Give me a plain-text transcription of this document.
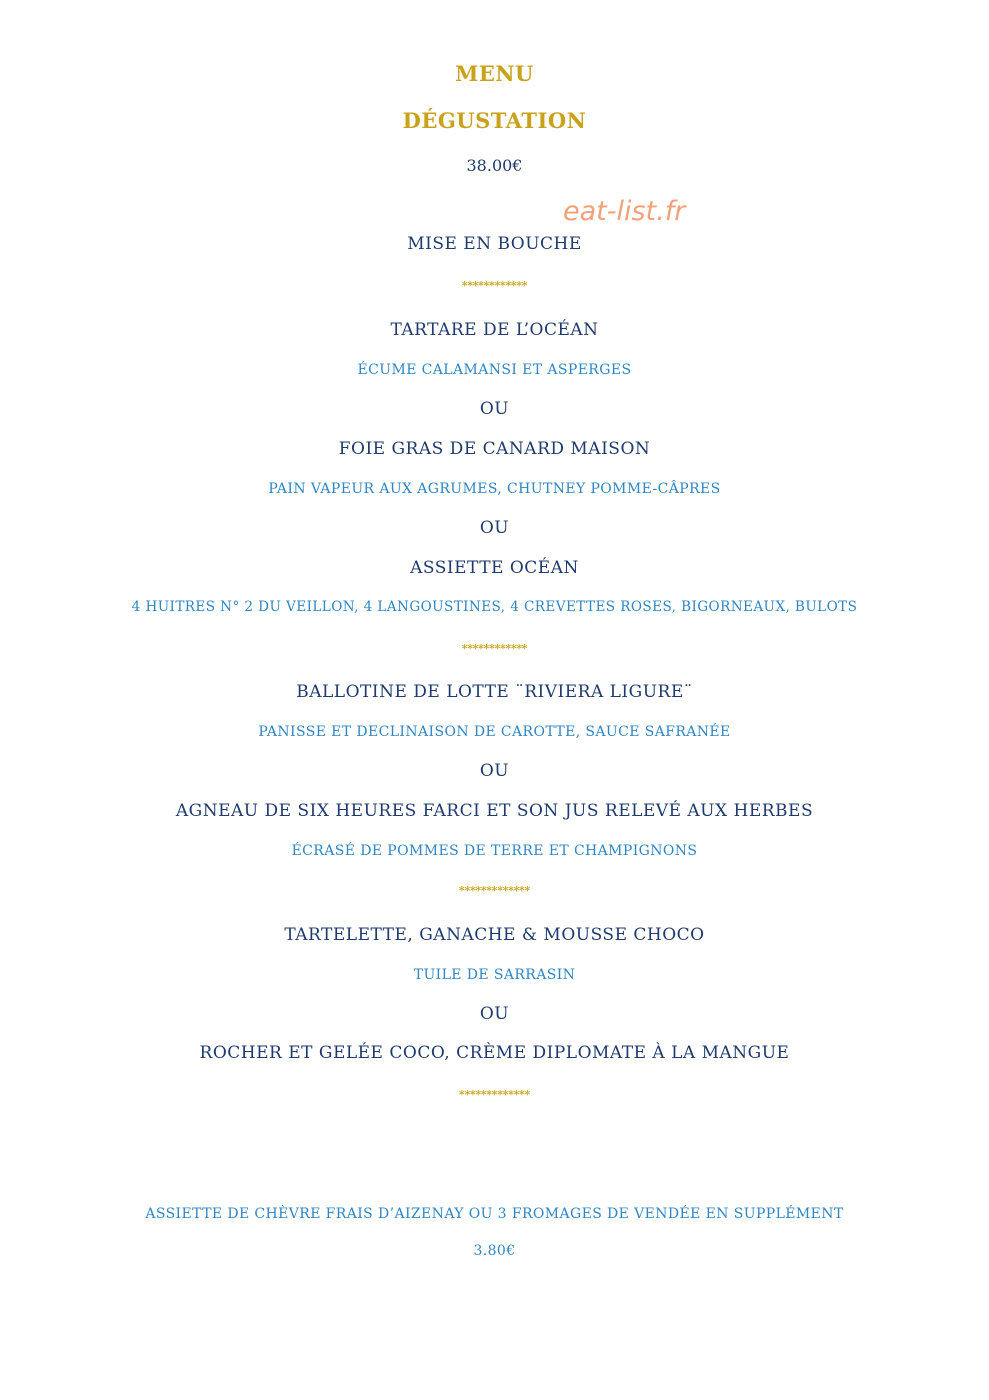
MENU
DÉGUSTATION
38.00€
eat-list.fr
MISE EN BOUCHE
************
TARTARE DE L’OCÉAN
ÉCUME CALAMANSI ET ASPERGES
OU
FOIE GRAS DE CANARD MAISON
PAIN VAPEUR AUX AGRUMES, CHUTNEY POMME-CÂPRES
OU
ASSIETTE OCÉAN
4 HUITRES N° 2 DU VEILLON, 4 LANGOUSTINES, 4 CREVETTES ROSES, BIGORNEAUX, BULOTS
************
BALLOTINE DE LOTTE ¨RIVIERA LIGURE¨
PANISSE ET DECLINAISON DE CAROTTE, SAUCE SAFRANÉE
OU
AGNEAU DE SIX HEURES FARCI ET SON JUS RELEVÉ AUX HERBES
ÉCRASÉ DE POMMES DE TERRE ET CHAMPIGNONS
*************
TARTELETTE, GANACHE & MOUSSE CHOCO
TUILE DE SARRASIN
OU
ROCHER ET GELÉE COCO, CRÈME DIPLOMATE À LA MANGUE
*************
ASSIETTE DE CHÈVRE FRAIS D’AIZENAY OU 3 FROMAGES DE VENDÉE EN SUPPLÉMENT
3.80€
